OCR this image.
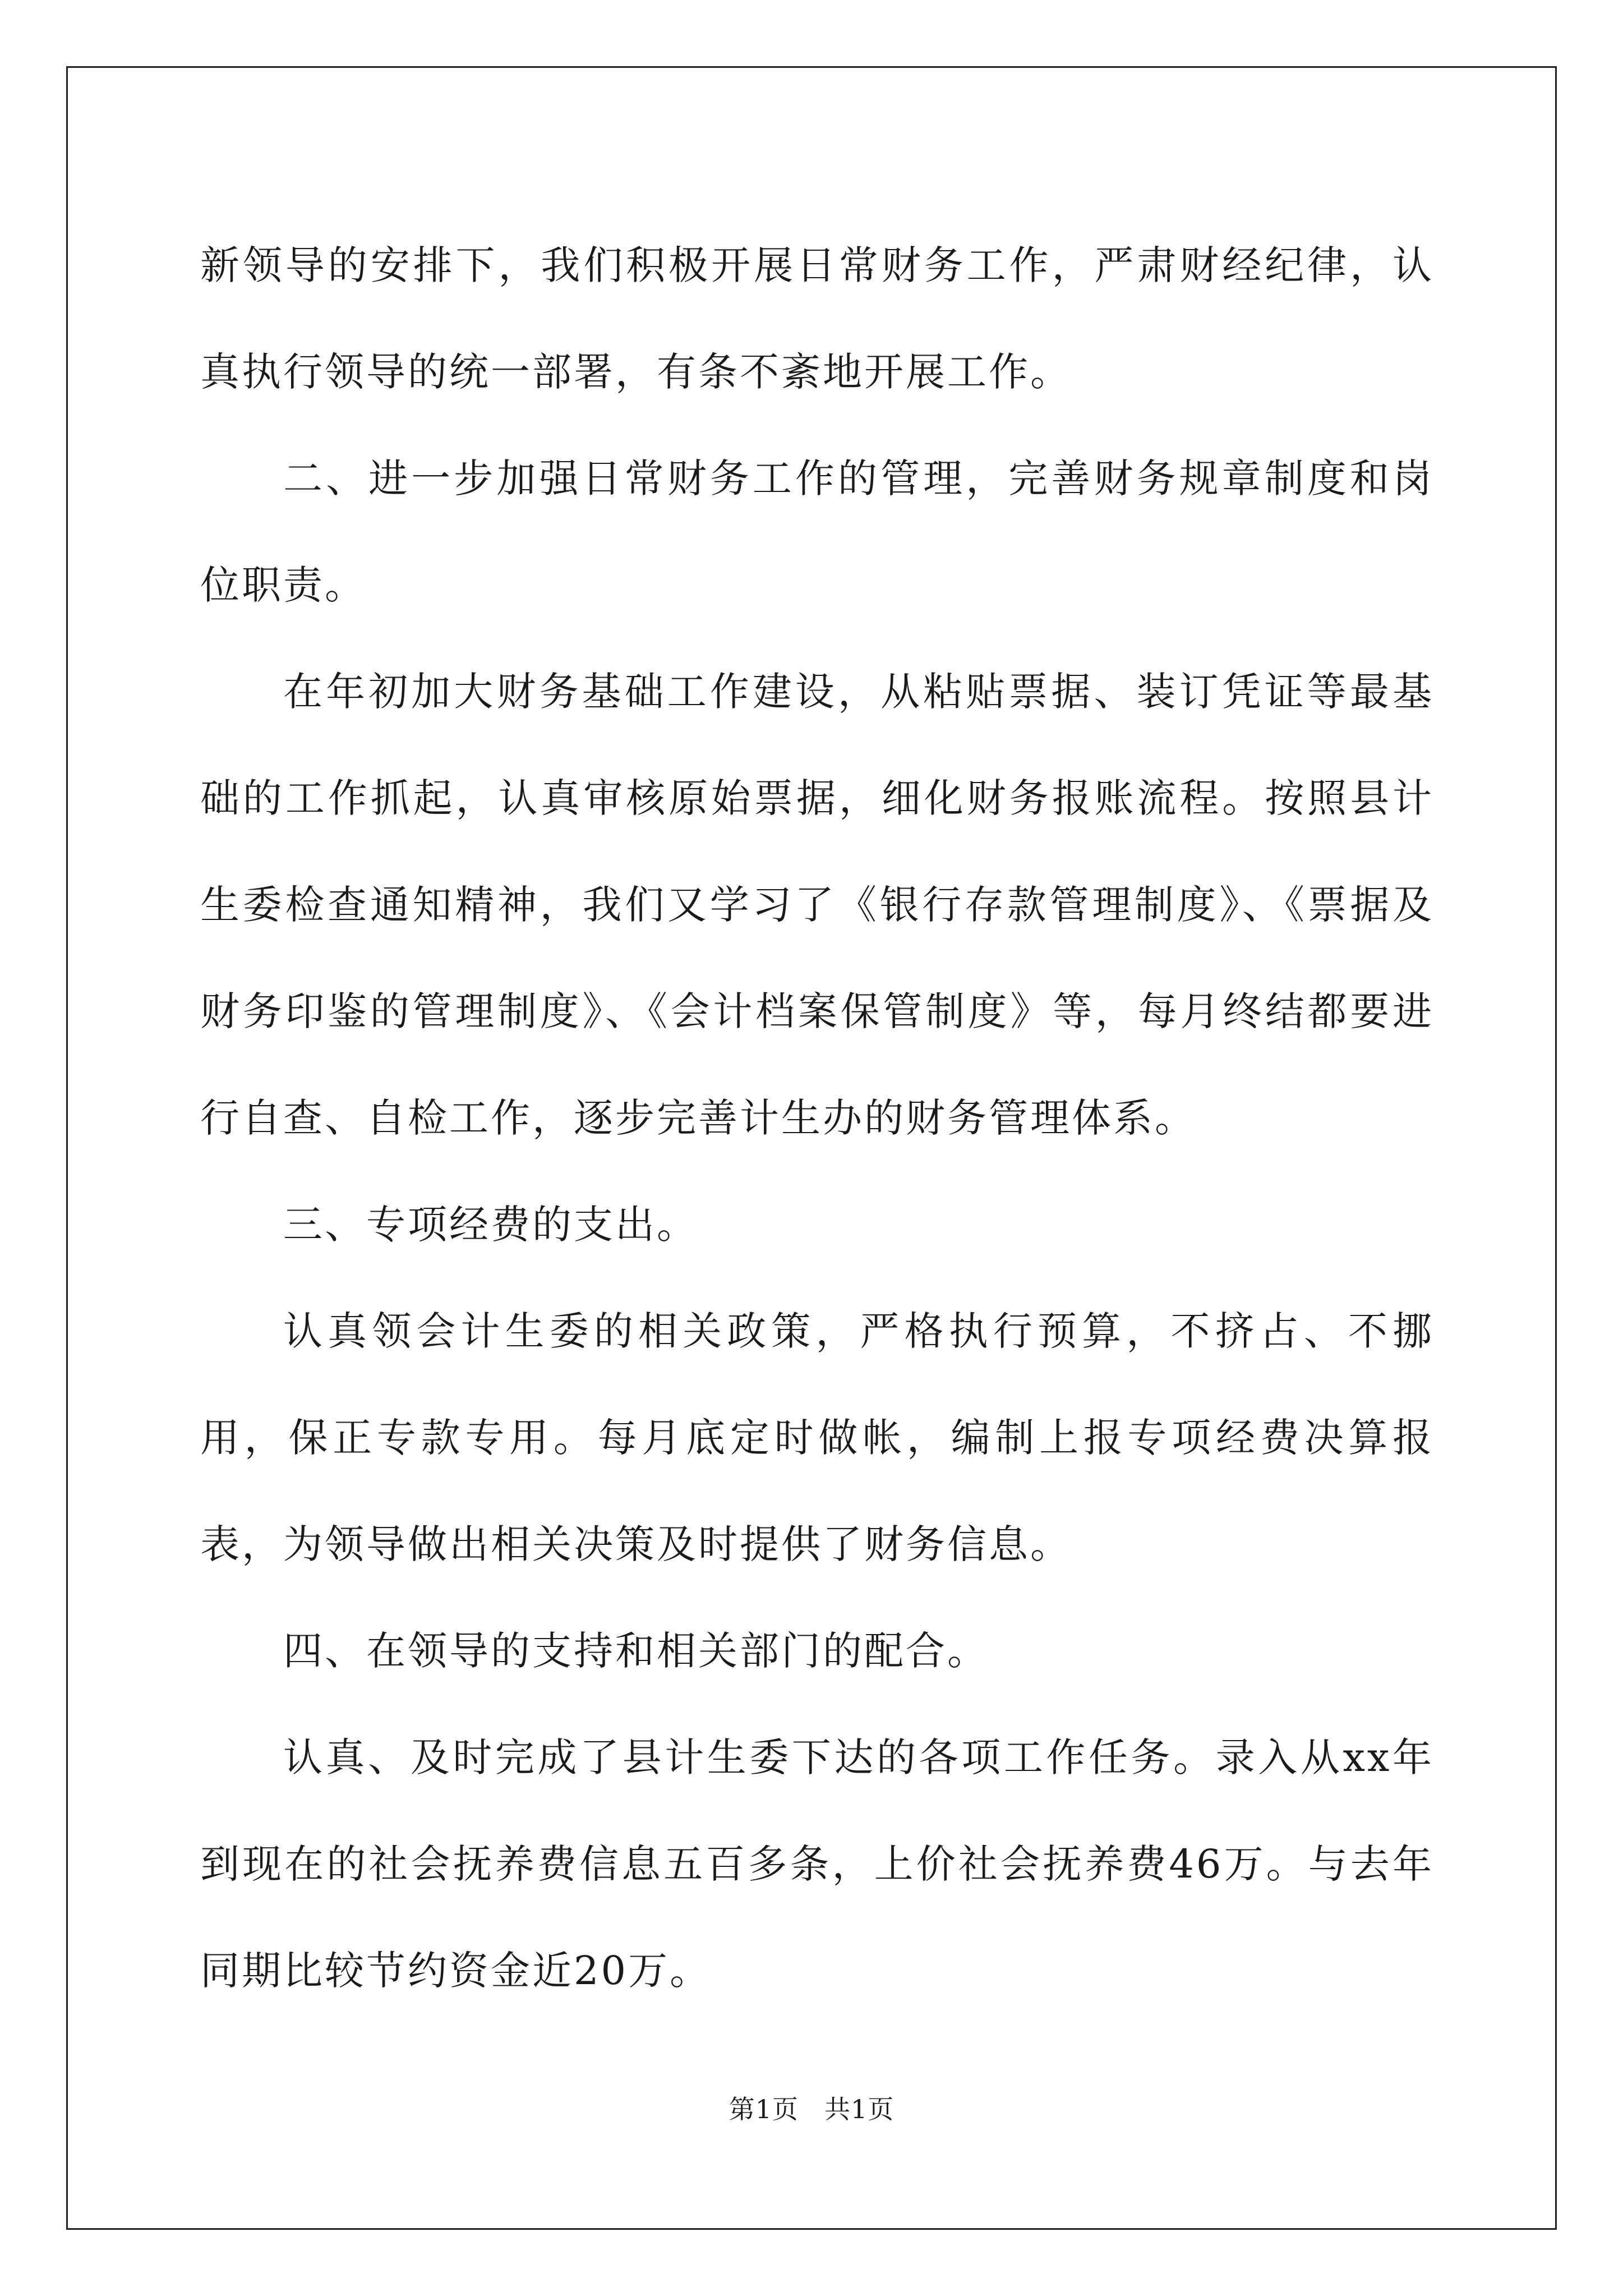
新领导的安排下，我们积极开展日常财务工作，严肃财经纪律，认真执行领导的统一部署，有条不紊地开展工作。

二、进一步加强日常财务工作的管理，完善财务规章制度和岗位职责。

在年初加大财务基础工作建设，从粘贴票据、装订凭证等最基础的工作抓起，认真审核原始票据，细化财务报账流程。按照县计生委检查通知精神，我们又学习了《银行存款管理制度》、《票据及财务印鉴的管理制度》、《会计档案保管制度》等，每月终结都要进行自查、自检工作，逐步完善计生办的财务管理体系。

三、专项经费的支出。

认真领会计生委的相关政策，严格执行预算，不挤占、不挪用，保正专款专用。每月底定时做帐，编制上报专项经费决算报表，为领导做出相关决策及时提供了财务信息。

四、在领导的支持和相关部门的配合。

认真、及时完成了县计生委下达的各项工作任务。录入从xx年到现在的社会抚养费信息五百多条，上价社会抚养费46万。与去年同期比较节约资金近20万。

第1页 共1页
